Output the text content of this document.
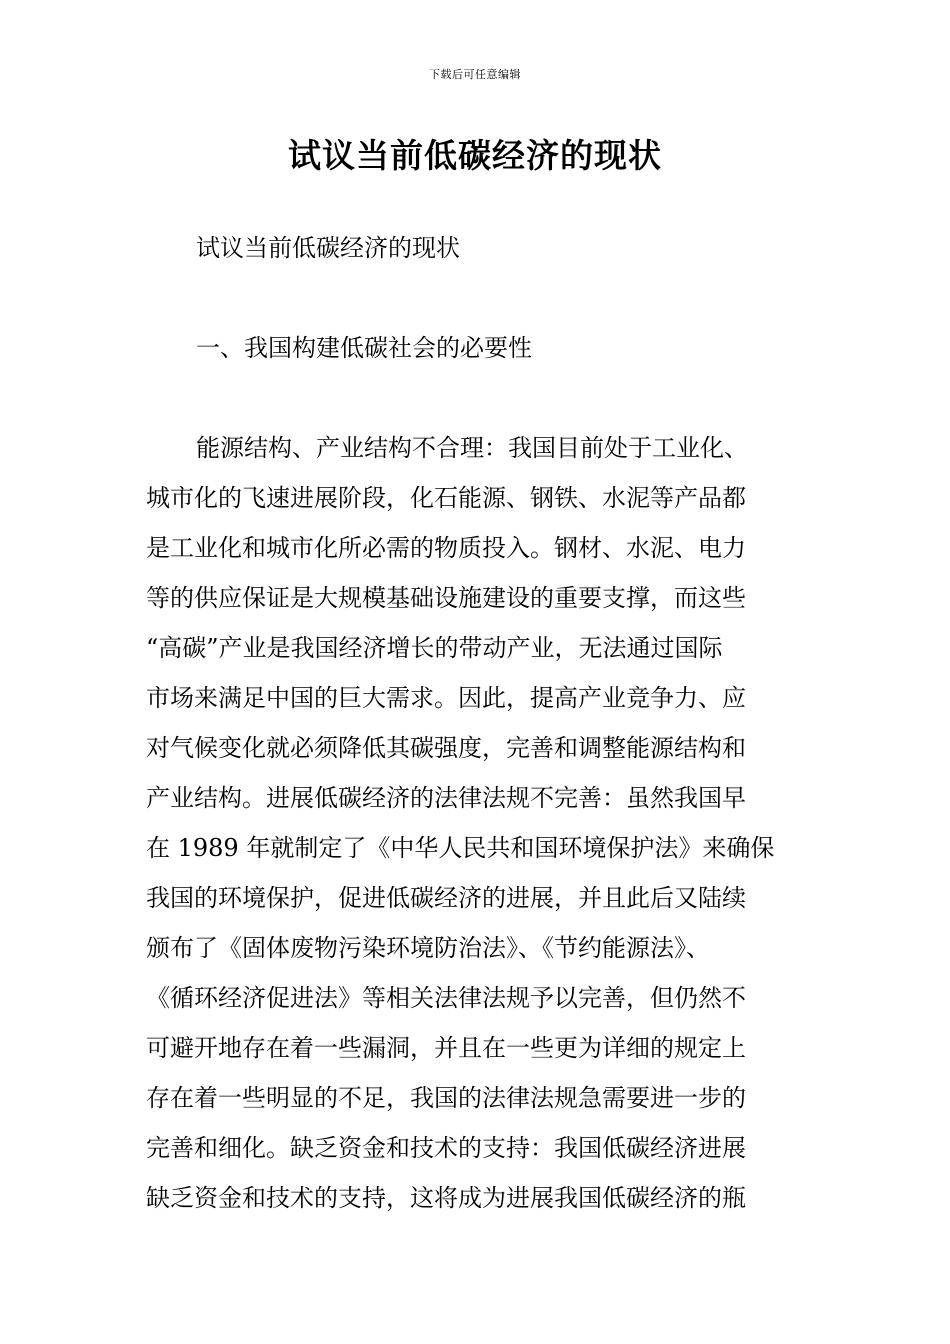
下载后可任意编辑
试议当前低碳经济的现状
试议当前低碳经济的现状
一、我国构建低碳社会的必要性
能源结构、产业结构不合理：我国目前处于工业化、
城市化的飞速进展阶段，化石能源、钢铁、水泥等产品都
是工业化和城市化所必需的物质投入。钢材、水泥、电力
等的供应保证是大规模基础设施建设的重要支撑，而这些
“高碳”产业是我国经济增长的带动产业，无法通过国际
市场来满足中国的巨大需求。因此，提高产业竞争力、应
对气候变化就必须降低其碳强度，完善和调整能源结构和
产业结构。进展低碳经济的法律法规不完善：虽然我国早
在 1989 年就制定了《中华人民共和国环境保护法》来确保
我国的环境保护，促进低碳经济的进展，并且此后又陆续
颁布了《固体废物污染环境防治法》、《节约能源法》、
《循环经济促进法》等相关法律法规予以完善，但仍然不
可避开地存在着一些漏洞，并且在一些更为详细的规定上
存在着一些明显的不足，我国的法律法规急需要进一步的
完善和细化。缺乏资金和技术的支持：我国低碳经济进展
缺乏资金和技术的支持，这将成为进展我国低碳经济的瓶
